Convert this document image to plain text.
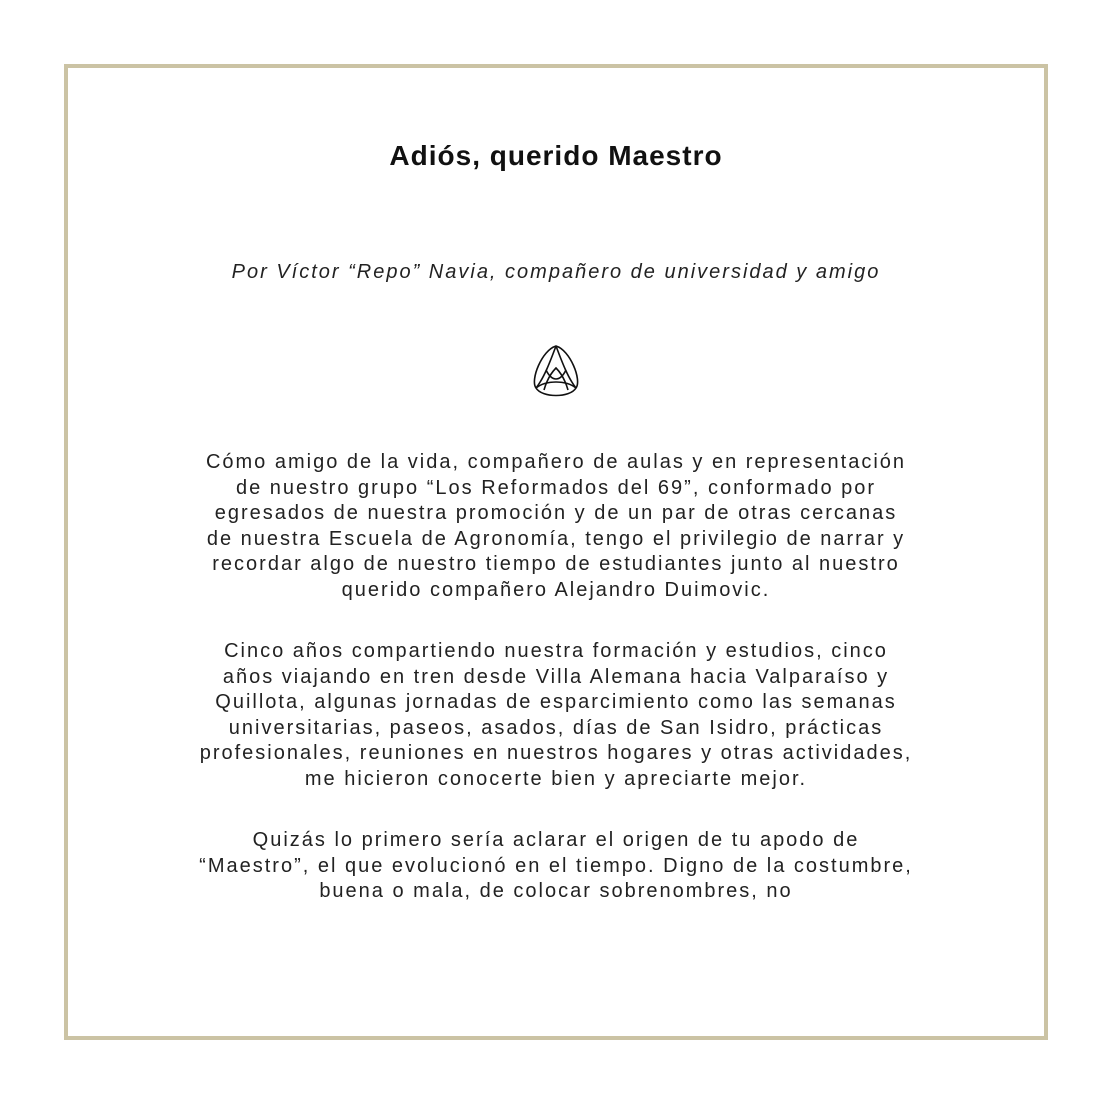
Adiós, querido Maestro

Por Víctor “Repo” Navia, compañero de universidad y amigo

Cómo amigo de la vida, compañero de aulas y en representación de nuestro grupo “Los Reformados del 69”, conformado por egresados de nuestra promoción y de un par de otras cercanas de nuestra Escuela de Agronomía, tengo el privilegio de narrar y recordar algo de nuestro tiempo de estudiantes junto al nuestro querido compañero Alejandro Duimovic.

Cinco años compartiendo nuestra formación y estudios, cinco años viajando en tren desde Villa Alemana hacia Valparaíso y Quillota, algunas jornadas de esparcimiento como las semanas universitarias, paseos, asados, días de San Isidro, prácticas profesionales, reuniones en nuestros hogares y otras actividades, me hicieron conocerte bien y apreciarte mejor.

Quizás lo primero sería aclarar el origen de tu apodo de “Maestro”, el que evolucionó en el tiempo. Digno de la costumbre, buena o mala, de colocar sobrenombres, no
